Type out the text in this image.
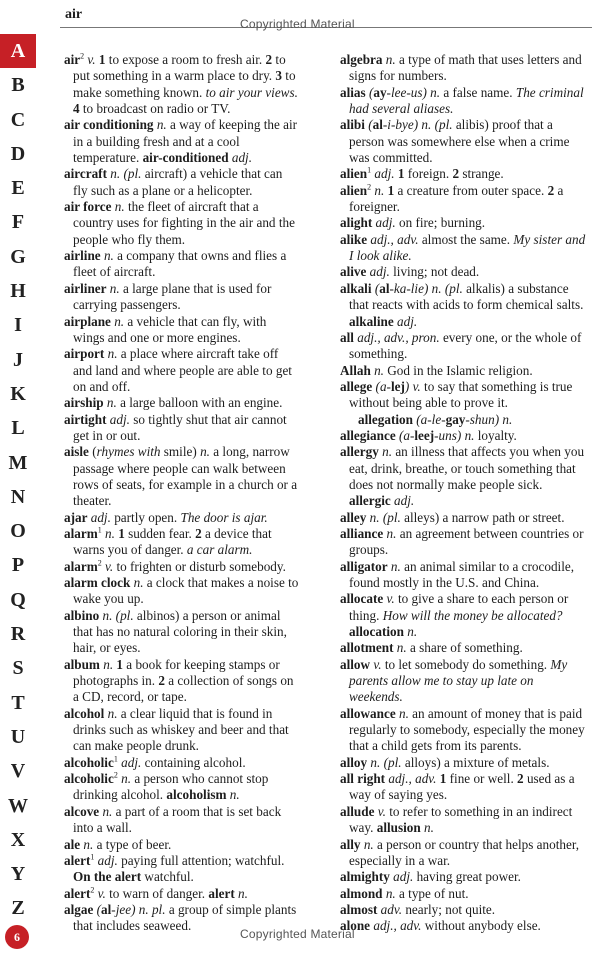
air
Copyrighted Material
A
B
C
D
E
F
G
H
I
J
K
L
M
N
O
P
Q
R
S
T
U
V
W
X
Y
Z
air$^2$ v. 1 to expose a room to fresh air. 2 to put something in a warm place to dry. 3 to make something known. to air your views. 4 to broadcast on radio or TV.
air conditioning n. a way of keeping the air in a building fresh and at a cool temperature. air-conditioned adj.
aircraft n. (pl. aircraft) a vehicle that can fly such as a plane or a helicopter.
air force n. the fleet of aircraft that a country uses for fighting in the air and the people who fly them.
airline n. a company that owns and flies a fleet of aircraft.
airliner n. a large plane that is used for carrying passengers.
airplane n. a vehicle that can fly, with wings and one or more engines.
airport n. a place where aircraft take off and land and where people are able to get on and off.
airship n. a large balloon with an engine.
airtight adj. so tightly shut that air cannot get in or out.
aisle (rhymes with smile) n. a long, narrow passage where people can walk between rows of seats, for example in a church or a theater.
ajar adj. partly open. The door is ajar.
alarm$^1$ n. 1 sudden fear. 2 a device that warns you of danger. a car alarm.
alarm$^2$ v. to frighten or disturb somebody.
alarm clock n. a clock that makes a noise to wake you up.
albino n. (pl. albinos) a person or animal that has no natural coloring in their skin, hair, or eyes.
album n. 1 a book for keeping stamps or photographs in. 2 a collection of songs on a CD, record, or tape.
alcohol n. a clear liquid that is found in drinks such as whiskey and beer and that can make people drunk.
alcoholic$^1$ adj. containing alcohol.
alcoholic$^2$ n. a person who cannot stop drinking alcohol. alcoholism n.
alcove n. a part of a room that is set back into a wall.
ale n. a type of beer.
alert$^1$ adj. paying full attention; watchful. On the alert watchful.
alert$^2$ v. to warn of danger. alert n.
algae (al-jee) n. pl. a group of simple plants that includes seaweed.
algebra n. a type of math that uses letters and signs for numbers.
alias (ay-lee-us) n. a false name. The criminal had several aliases.
alibi (al-i-bye) n. (pl. alibis) proof that a person was somewhere else when a crime was committed.
alien$^1$ adj. 1 foreign. 2 strange.
alien$^2$ n. 1 a creature from outer space. 2 a foreigner.
alight adj. on fire; burning.
alike adj., adv. almost the same. My sister and I look alike.
alive adj. living; not dead.
alkali (al-ka-lie) n. (pl. alkalis) a substance that reacts with acids to form chemical salts. alkaline adj.
all adj., adv., pron. every one, or the whole of something.
Allah n. God in the Islamic religion.
allege (a-lej) v. to say that something is true without being able to prove it.
allegation (a-le-gay-shun) n.
allegiance (a-leej-uns) n. loyalty.
allergy n. an illness that affects you when you eat, drink, breathe, or touch something that does not normally make people sick. allergic adj.
alley n. (pl. alleys) a narrow path or street.
alliance n. an agreement between countries or groups.
alligator n. an animal similar to a crocodile, found mostly in the U.S. and China.
allocate v. to give a share to each person or thing. How will the money be allocated? allocation n.
allotment n. a share of something.
allow v. to let somebody do something. My parents allow me to stay up late on weekends.
allowance n. an amount of money that is paid regularly to somebody, especially the money that a child gets from its parents.
alloy n. (pl. alloys) a mixture of metals.
all right adj., adv. 1 fine or well. 2 used as a way of saying yes.
allude v. to refer to something in an indirect way. allusion n.
ally n. a person or country that helps another, especially in a war.
almighty adj. having great power.
almond n. a type of nut.
almost adv. nearly; not quite.
alone adj., adv. without anybody else.
6	Copyrighted Material
